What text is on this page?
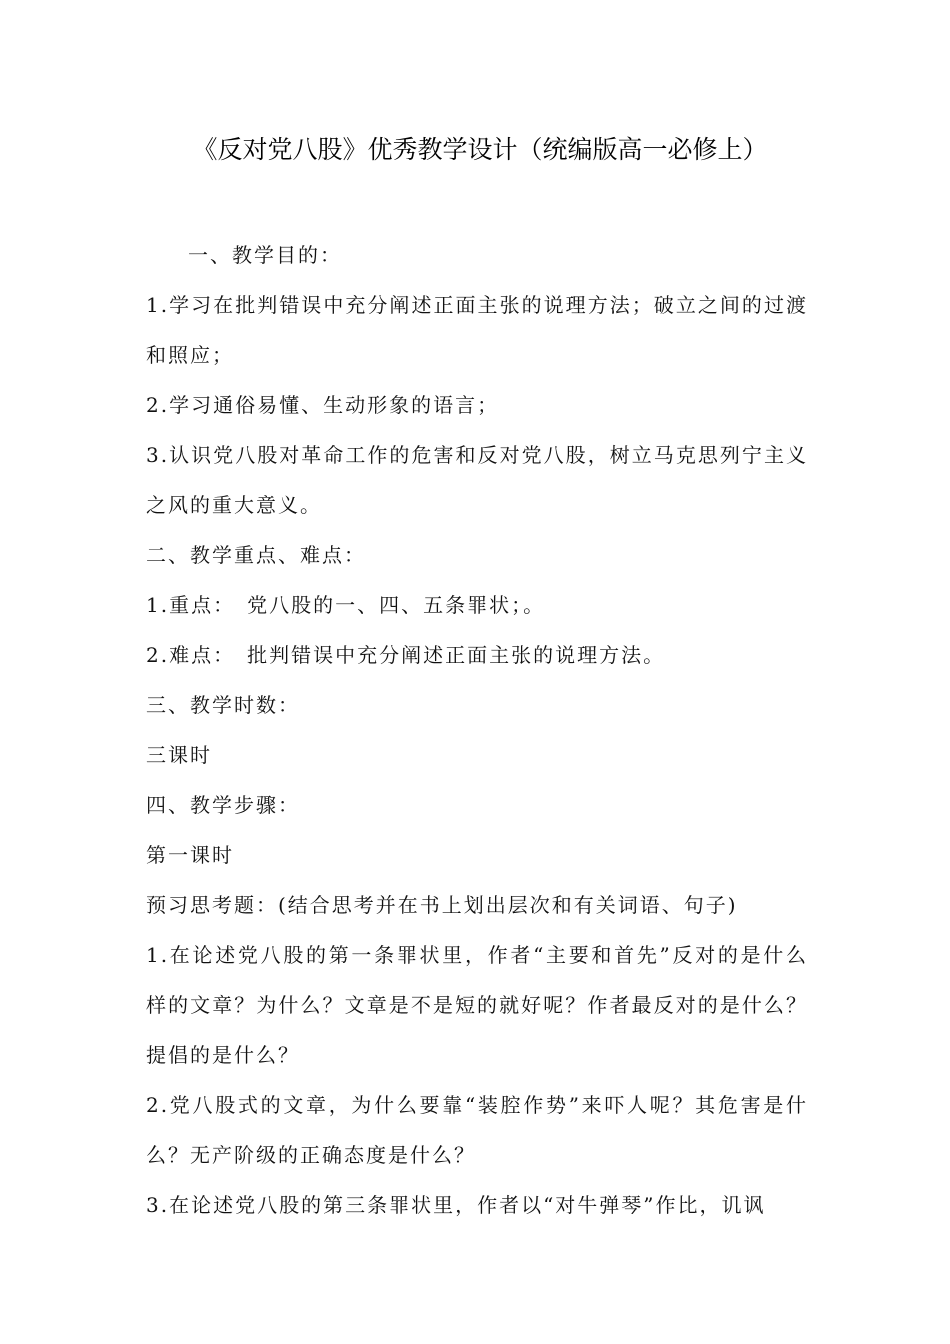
《反对党八股》优秀教学设计（统编版高一必修上）

一、教学目的：

1.学习在批判错误中充分阐述正面主张的说理方法；破立之间的过渡和照应；

2.学习通俗易懂、生动形象的语言；

3.认识党八股对革命工作的危害和反对党八股，树立马克思列宁主义之风的重大意义。

二、教学重点、难点：

1.重点：　党八股的一、四、五条罪状；。

2.难点：　批判错误中充分阐述正面主张的说理方法。

三、教学时数：

三课时

四、教学步骤：

第一课时

预习思考题：(结合思考并在书上划出层次和有关词语、句子)

1.在论述党八股的第一条罪状里，作者“主要和首先”反对的是什么样的文章？为什么？文章是不是短的就好呢？作者最反对的是什么？提倡的是什么？

2.党八股式的文章，为什么要靠“装腔作势”来吓人呢？其危害是什么？无产阶级的正确态度是什么？

3.在论述党八股的第三条罪状里，作者以“对牛弹琴”作比，讥讽
